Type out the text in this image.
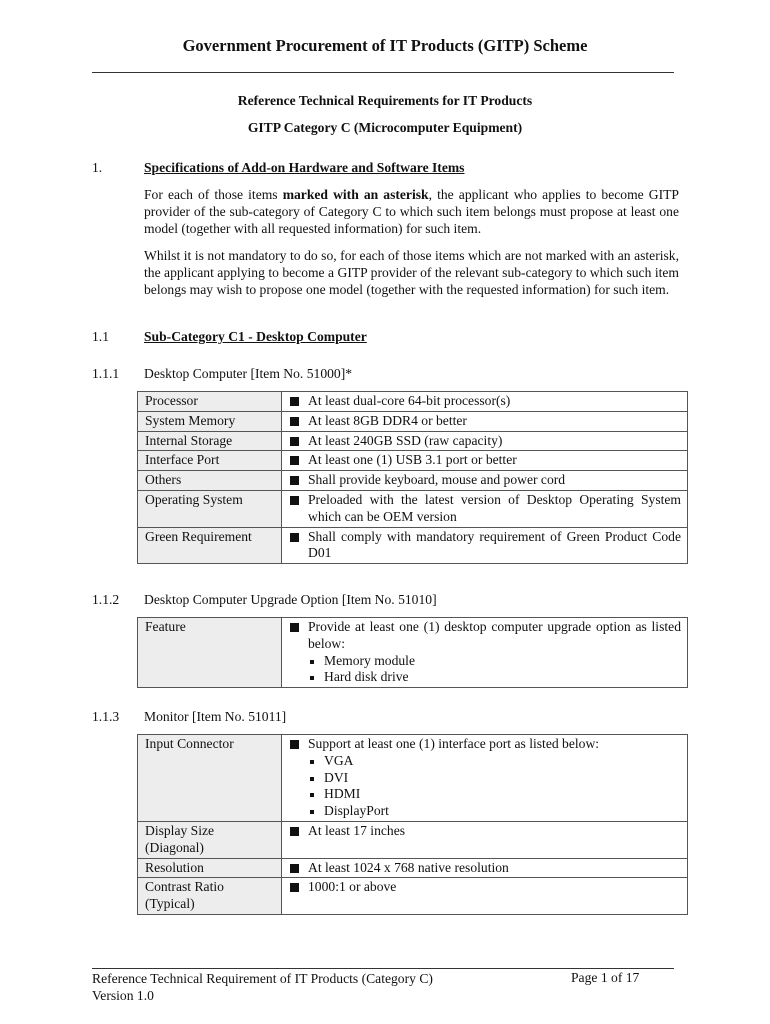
Government Procurement of IT Products (GITP) Scheme
Reference Technical Requirements for IT Products
GITP Category C (Microcomputer Equipment)
1.	Specifications of Add-on Hardware and Software Items
For each of those items marked with an asterisk, the applicant who applies to become GITP provider of the sub-category of Category C to which such item belongs must propose at least one model (together with all requested information) for such item.
Whilst it is not mandatory to do so, for each of those items which are not marked with an asterisk, the applicant applying to become a GITP provider of the relevant sub-category to which such item belongs may wish to propose one model (together with the requested information) for such item.
1.1	Sub-Category C1 - Desktop Computer
1.1.1 Desktop Computer [Item No. 51000]*
Processor	At least dual-core 64-bit processor(s)

System Memory	At least 8GB DDR4 or better

Internal Storage	At least 240GB SSD (raw capacity)

Interface Port	At least one (1) USB 3.1 port or better

Others	Shall provide keyboard, mouse and power cord

Operating System	Preloaded with the latest version of Desktop Operating System which can be OEM version

Green Requirement	Shall comply with mandatory requirement of Green Product Code D01
1.1.2 Desktop Computer Upgrade Option [Item No. 51010]
Feature	Provide at least one (1) desktop computer upgrade option as listed below:
Memory module
Hard disk drive
1.1.3 Monitor [Item No. 51011]
Input Connector	Support at least one (1) interface port as listed below:
VGA
DVI
HDMI
DisplayPort

Display Size (Diagonal)	At least 17 inches

Resolution	At least 1024 x 768 native resolution

Contrast Ratio (Typical)	1000:1 or above
Reference Technical Requirement of IT Products (Category C)
Version 1.0
Page 1 of 17
